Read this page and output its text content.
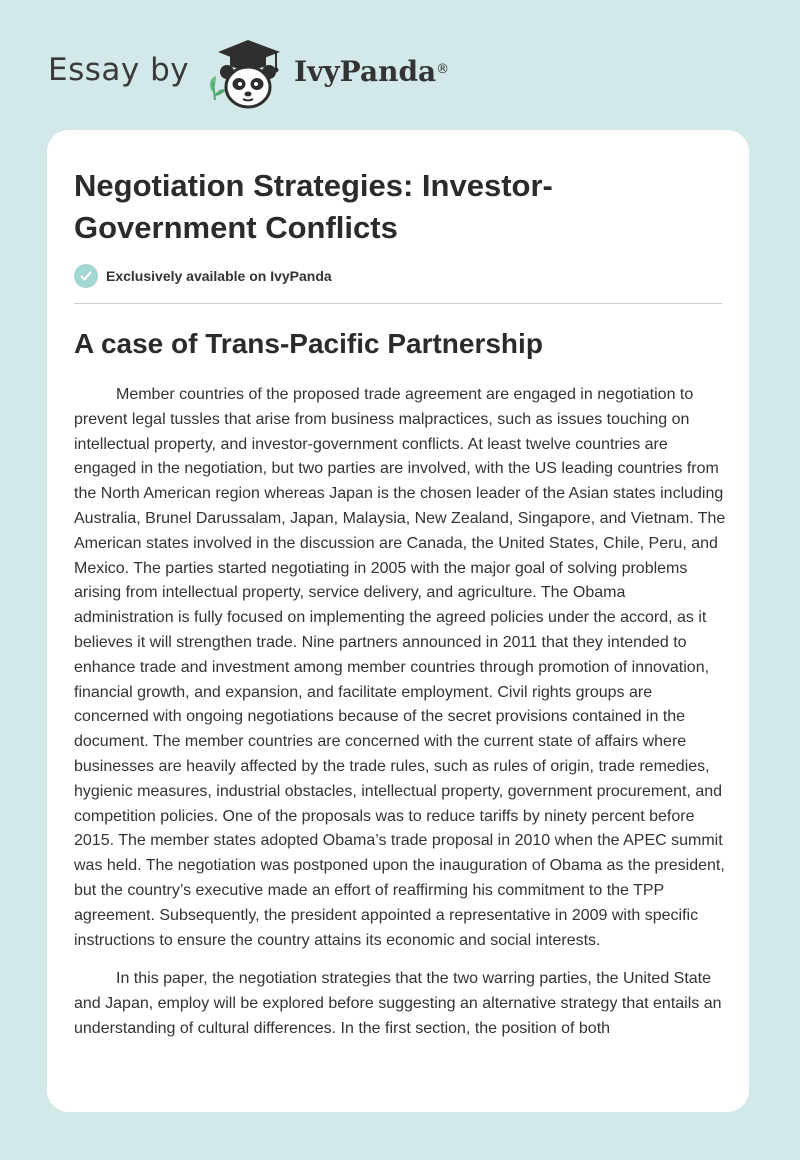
Essay by	IvyPanda®
Negotiation Strategies: Investor-Government Conflicts
Exclusively available on IvyPanda
A case of Trans-Pacific Partnership

Member countries of the proposed trade agreement are engaged in negotiation to prevent legal tussles that arise from business malpractices, such as issues touching on intellectual property, and investor-government conflicts. At least twelve countries are engaged in the negotiation, but two parties are involved, with the US leading countries from the North American region whereas Japan is the chosen leader of the Asian states including Australia, Brunel Darussalam, Japan, Malaysia, New Zealand, Singapore, and Vietnam. The American states involved in the discussion are Canada, the United States, Chile, Peru, and Mexico. The parties started negotiating in 2005 with the major goal of solving problems arising from intellectual property, service delivery, and agriculture. The Obama administration is fully focused on implementing the agreed policies under the accord, as it believes it will strengthen trade. Nine partners announced in 2011 that they intended to enhance trade and investment among member countries through promotion of innovation, financial growth, and expansion, and facilitate employment. Civil rights groups are concerned with ongoing negotiations because of the secret provisions contained in the document. The member countries are concerned with the current state of affairs where businesses are heavily affected by the trade rules, such as rules of origin, trade remedies, hygienic measures, industrial obstacles, intellectual property, government procurement, and competition policies. One of the proposals was to reduce tariffs by ninety percent before 2015. The member states adopted Obama’s trade proposal in 2010 when the APEC summit was held. The negotiation was postponed upon the inauguration of Obama as the president, but the country’s executive made an effort of reaffirming his commitment to the TPP agreement. Subsequently, the president appointed a representative in 2009 with specific instructions to ensure the country attains its economic and social interests.

In this paper, the negotiation strategies that the two warring parties, the United State and Japan, employ will be explored before suggesting an alternative strategy that entails an understanding of cultural differences. In the first section, the position of both
